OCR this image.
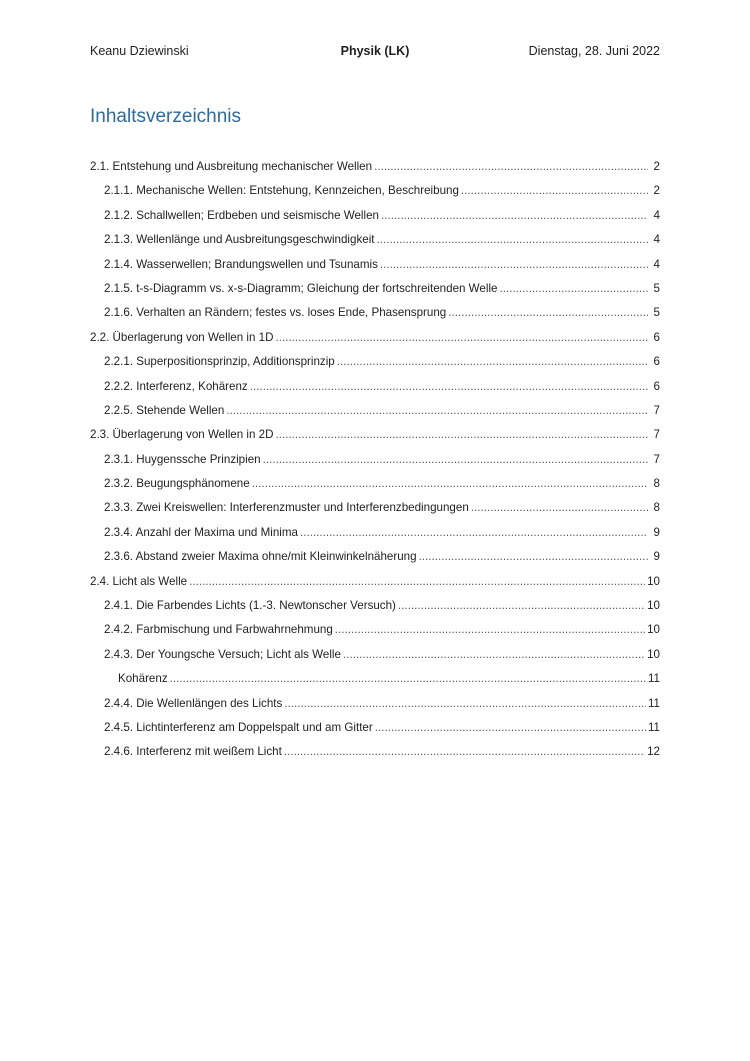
Keanu Dziewinski	Physik (LK)	Dienstag, 28. Juni 2022
Inhaltsverzeichnis
2.1. Entstehung und Ausbreitung mechanischer Wellen . . .	2
2.1.1. Mechanische Wellen: Entstehung, Kennzeichen, Beschreibung . . .	2
2.1.2. Schallwellen; Erdbeben und seismische Wellen . . .	4
2.1.3. Wellenlänge und Ausbreitungsgeschwindigkeit . . .	4
2.1.4. Wasserwellen; Brandungswellen und Tsunamis . . .	4
2.1.5. t-s-Diagramm vs. x-s-Diagramm; Gleichung der fortschreitenden Welle . . .	5
2.1.6. Verhalten an Rändern; festes vs. loses Ende, Phasensprung . . .	5
2.2. Überlagerung von Wellen in 1D . . .	6
2.2.1. Superpositionsprinzip, Additionsprinzip . . .	6
2.2.2. Interferenz, Kohärenz . . .	6
2.2.5. Stehende Wellen . . .	7
2.3. Überlagerung von Wellen in 2D . . .	7
2.3.1. Huygenssche Prinzipien . . .	7
2.3.2. Beugungsphänomene . . .	8
2.3.3. Zwei Kreiswellen: Interferenzmuster und Interferenzbedingungen . . .	8
2.3.4. Anzahl der Maxima und Minima . . .	9
2.3.6. Abstand zweier Maxima ohne/mit Kleinwinkelnäherung . . .	9
2.4. Licht als Welle . . .	10
2.4.1. Die Farbendes Lichts (1.-3. Newtonscher Versuch) . . .	10
2.4.2. Farbmischung und Farbwahrnehmung . . .	10
2.4.3. Der Youngsche Versuch; Licht als Welle . . .	10
Kohärenz . . .	11
2.4.4. Die Wellenlängen des Lichts . . .	11
2.4.5. Lichtinterferenz am Doppelspalt und am Gitter . . .	11
2.4.6. Interferenz mit weißem Licht . . .	12
